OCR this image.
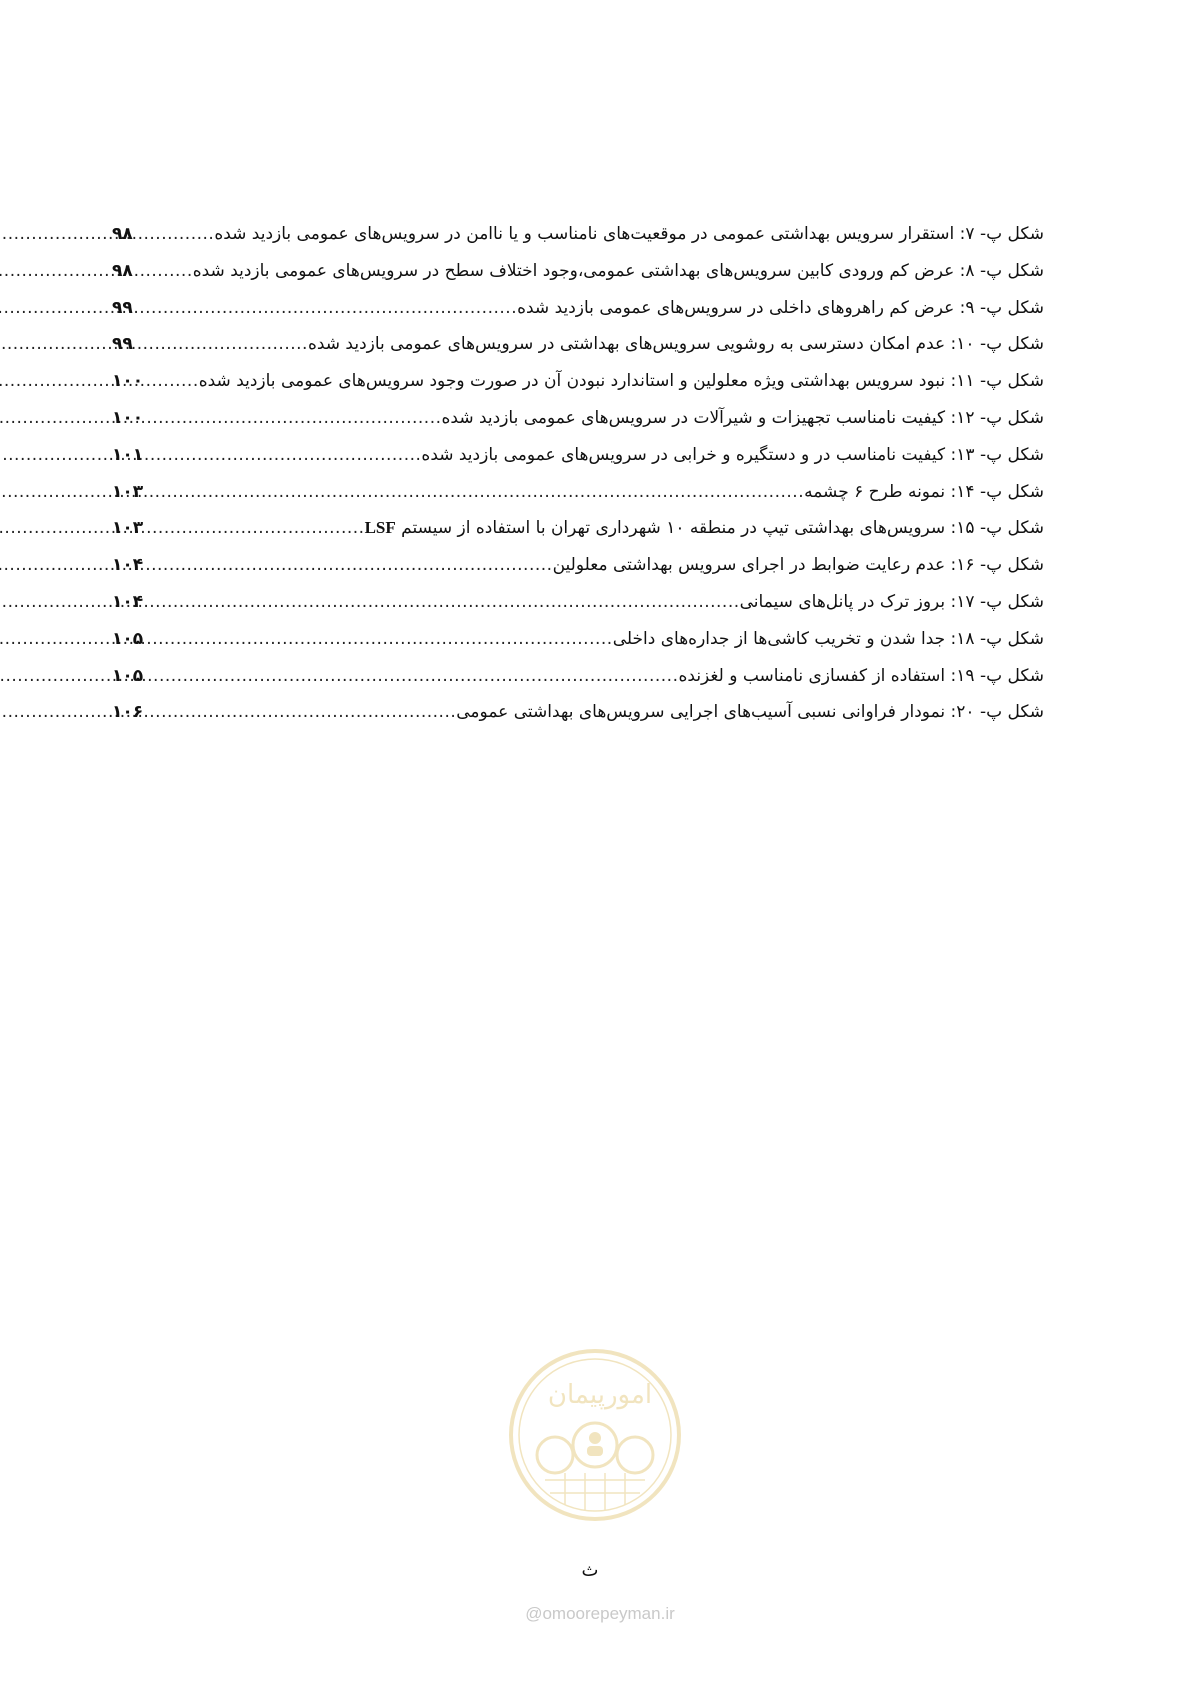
شکل پ- ۷: استقرار سرویس بهداشتی عمومی در موقعیت‌های نامناسب و یا ناامن در سرویس‌های عمومی بازدید شده
.....
۹۸
شکل پ- ۸: عرض کم ورودی کابین سرویس‌های بهداشتی عمومی،وجود اختلاف سطح در سرویس‌های عمومی بازدید شده
.....
۹۸
شکل پ- ۹: عرض کم راهروهای داخلی در سرویس‌های عمومی بازدید شده
.....
۹۹
شکل پ- ۱۰: عدم امکان دسترسی به روشویی سرویس‌های بهداشتی در سرویس‌های عمومی بازدید شده
.....
۹۹
شکل پ- ۱۱: نبود سرویس بهداشتی ویژه معلولین و استاندارد نبودن آن در صورت وجود سرویس‌های عمومی بازدید شده
.....
۱۰۰
شکل پ- ۱۲: کیفیت نامناسب تجهیزات و شیرآلات در سرویس‌های عمومی بازدید شده
.....
۱۰۰
شکل پ- ۱۳: کیفیت نامناسب در و دستگیره و خرابی در سرویس‌های عمومی بازدید شده
.....
۱۰۱
شکل پ- ۱۴: نمونه طرح ۶ چشمه
.....
۱۰۳
شکل پ- ۱۵: سرویس‌های بهداشتی تیپ در منطقه ۱۰ شهرداری تهران با استفاده از سیستم LSF
.....
۱۰۳
شکل پ- ۱۶: عدم رعایت ضوابط در اجرای سرویس بهداشتی معلولین
.....
۱۰۴
شکل پ- ۱۷: بروز ترک در پانل‌های سیمانی
.....
۱۰۴
شکل پ- ۱۸: جدا شدن و تخریب کاشی‌ها از جداره‌های داخلی
.....
۱۰۵
شکل پ- ۱۹: استفاده از کفسازی نامناسب و لغزنده
.....
۱۰۵
شکل پ- ۲۰: نمودار فراوانی نسبی آسیب‌های اجرایی سرویس‌های بهداشتی عمومی
.....
۱۰۶
امورپیمان
ث
@omoorepeyman.ir
